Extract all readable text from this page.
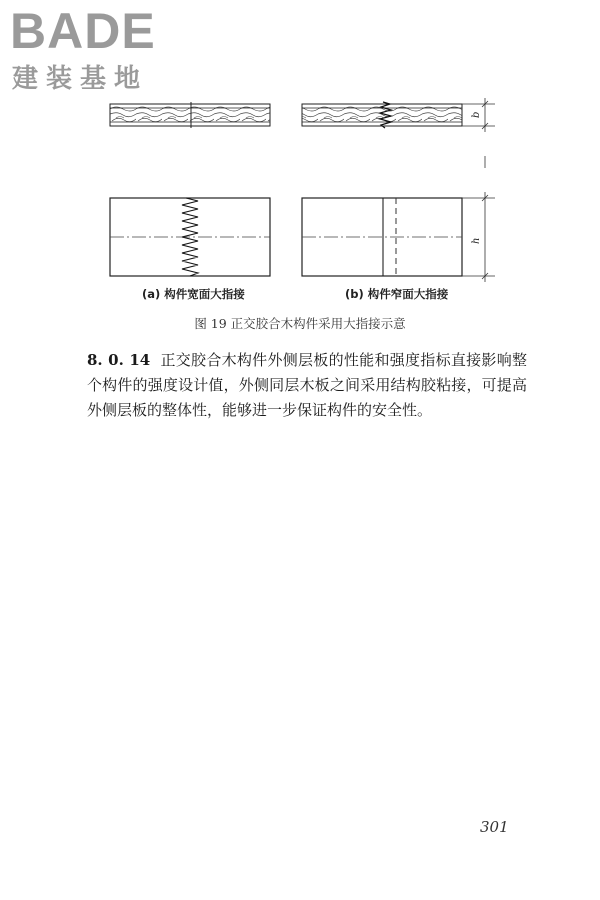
BADE
建装基地
b
h
(a) 构件宽面大指接	(b) 构件窄面大指接
图 19 正交胶合木构件采用大指接示意
8. 0. 14 正交胶合木构件外侧层板的性能和强度指标直接影响整个构件的强度设计值，外侧同层木板之间采用结构胶粘接，可提高外侧层板的整体性，能够进一步保证构件的安全性。
301
